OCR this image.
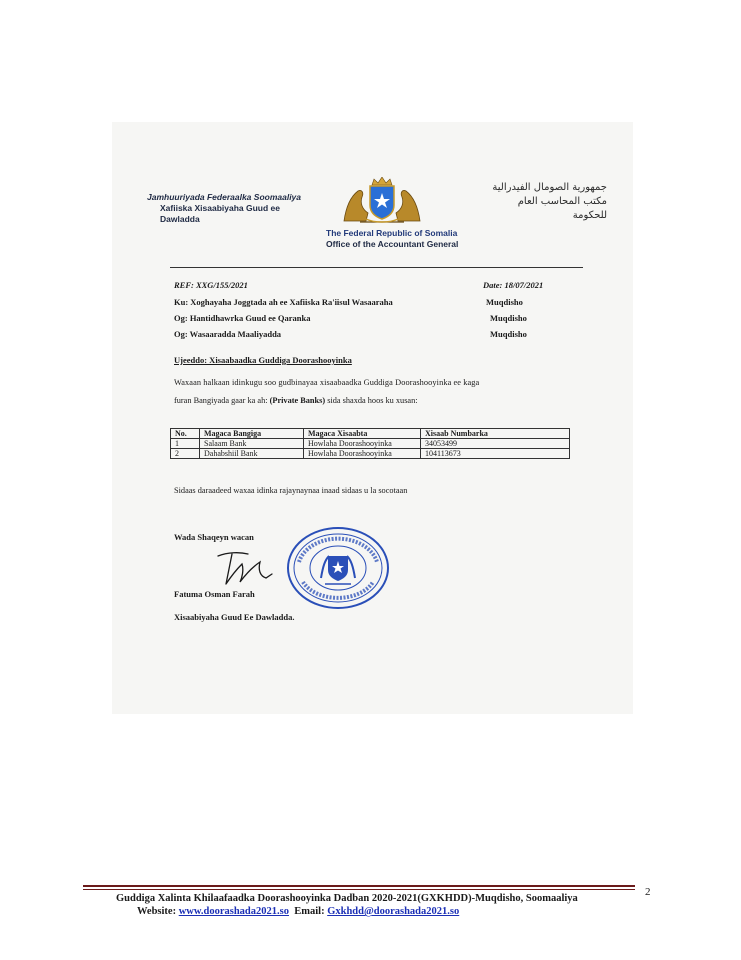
Jamhuuriyada Federaalka Soomaaliya
Xafiiska Xisaabiyaha Guud ee
Dawladda
جمهورية الصومال الفيدرالية
مكتب المحاسب العام
للحكومة
The Federal Republic of Somalia
Office of the Accountant General
REF: XXG/155/2021	Date: 18/07/2021
Ku: Xoghayaha Joggtada ah ee Xafiiska Ra'iisul Wasaaraha	Muqdisho
Og: Hantidhawrka Guud ee Qaranka	Muqdisho
Og: Wasaaradda Maaliyadda	Muqdisho
Ujeeddo: Xisaabaadka Guddiga Doorashooyinka
Waxaan halkaan idinkugu soo gudbinayaa xisaabaadka Guddiga Doorashooyinka ee kaga
furan Bangiyada gaar ka ah: (Private Banks) sida shaxda hoos ku xusan:
No.	Magaca Bangiga	Magaca Xisaabta	Xisaab Numbarka
1	Salaam Bank	Howlaha Doorashooyinka	34053499
2	Dahabshiil Bank	Howlaha Doorashooyinka	104113673
Sidaas daraadeed waxaa idinka rajaynaynaa inaad sidaas u la socotaan
Wada Shaqeyn wacan
Fatuma Osman Farah
Xisaabiyaha Guud Ee Dawladda.
Guddiga Xalinta Khilaafaadka Doorashooyinka Dadban 2020-2021(GXKHDD)-Muqdisho, Soomaaliya
Website: www.doorashada2021.so  Email: Gxkhdd@doorashada2021.so
2
